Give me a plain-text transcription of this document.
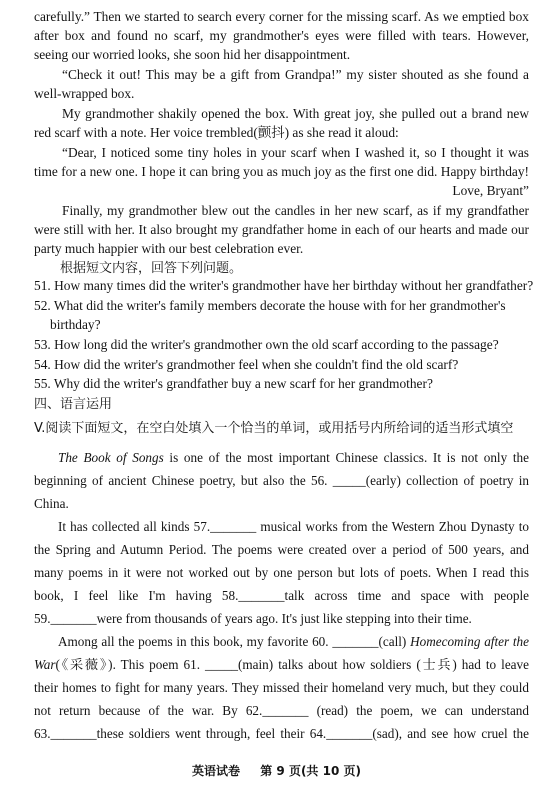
carefully.” Then we started to search every corner for the missing scarf. As we emptied box
after box and found no scarf, my grandmother's eyes were filled with tears. However,
seeing our worried looks, she soon hid her disappointment.
“Check it out! This may be a gift from Grandpa!” my sister shouted as she found a
well-wrapped box.
My grandmother shakily opened the box. With great joy, she pulled out a brand new
red scarf with a note. Her voice trembled(颤抖) as she read it aloud:
“Dear, I noticed some tiny holes in your scarf when I washed it, so I thought it was
time for a new one. I hope it can bring you as much joy as the first one did. Happy birthday!
Love, Bryant”
Finally, my grandmother blew out the candles in her new scarf, as if my grandfather
were still with her. It also brought my grandfather home in each of our hearts and made our
party much happier with our best celebration ever.
根据短文内容，回答下列问题。
51. How many times did the writer's grandmother have her birthday without her grandfather?
52. What did the writer's family members decorate the house with for her grandmother's
birthday?
53. How long did the writer's grandmother own the old scarf according to the passage?
54. How did the writer's grandmother feel when she couldn't find the old scarf?
55. Why did the writer's grandfather buy a new scarf for her grandmother?
四、语言运用
V.阅读下面短文，在空白处填入一个恰当的单词，或用括号内所给词的适当形式填空
The Book of Songs is one of the most important Chinese classics. It is not only the
beginning of ancient Chinese poetry, but also the 56. _____(early) collection of poetry in
China.
It has collected all kinds 57._______ musical works from the Western Zhou Dynasty to
the Spring and Autumn Period. The poems were created over a period of 500 years, and
many poems in it were not worked out by one person but lots of poets. When I read this
book, I feel like I'm having 58._______talk across time and space with people
59._______were from thousands of years ago. It's just like stepping into their time.
Among all the poems in this book, my favorite 60. _______(call) Homecoming after the
War(《采薇》). This poem 61. _____(main) talks about how soldiers (士兵) had to leave
their homes to fight for many years. They missed their homeland very much, but they could
not return because of the war. By 62._______ (read) the poem, we can understand
63._______these soldiers went through, feel their 64._______(sad), and see how cruel the
英语试卷 第 9 页(共 10 页)
